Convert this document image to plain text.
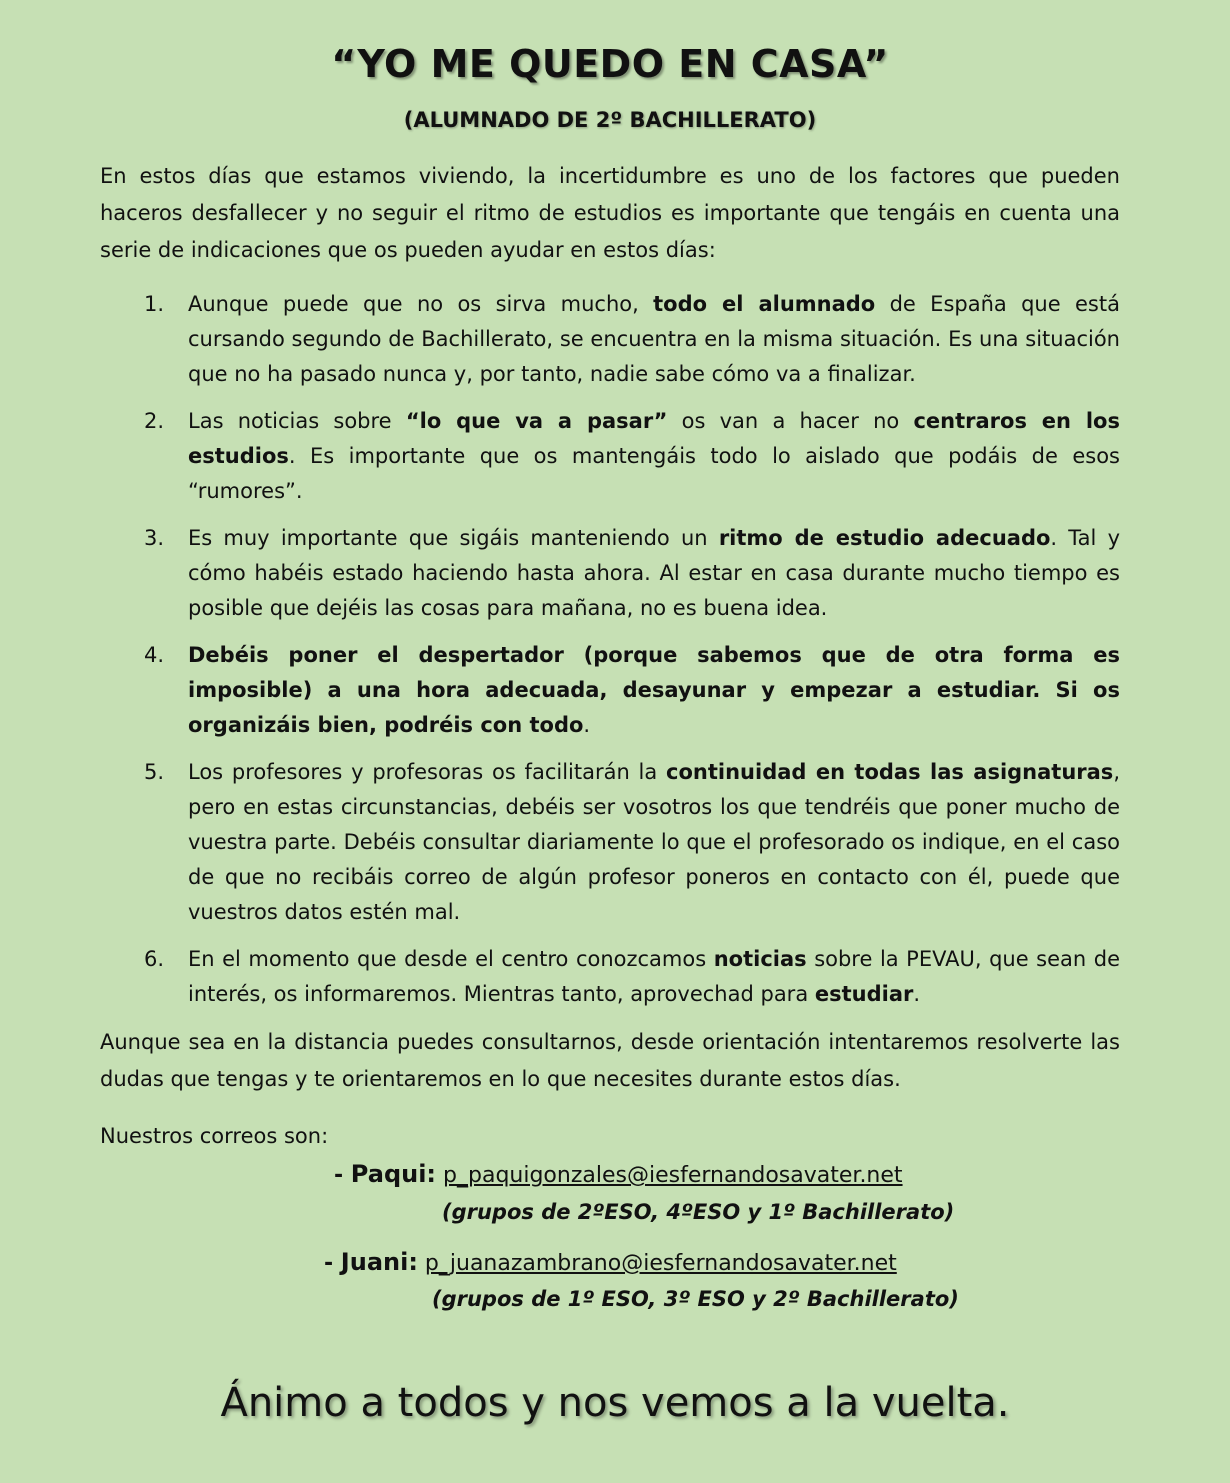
“YO ME QUEDO EN CASA”
(ALUMNADO DE 2º BACHILLERATO)

En estos días que estamos viviendo, la incertidumbre es uno de los factores que pueden haceros desfallecer y no seguir el ritmo de estudios es importante que tengáis en cuenta una serie de indicaciones que os pueden ayudar en estos días:

1. Aunque puede que no os sirva mucho, todo el alumnado de España que está cursando segundo de Bachillerato, se encuentra en la misma situación. Es una situación que no ha pasado nunca y, por tanto, nadie sabe cómo va a finalizar.
2. Las noticias sobre “lo que va a pasar” os van a hacer no centraros en los estudios. Es importante que os mantengáis todo lo aislado que podáis de esos “rumores”.
3. Es muy importante que sigáis manteniendo un ritmo de estudio adecuado. Tal y cómo habéis estado haciendo hasta ahora. Al estar en casa durante mucho tiempo es posible que dejéis las cosas para mañana, no es buena idea.
4. Debéis poner el despertador (porque sabemos que de otra forma es imposible) a una hora adecuada, desayunar y empezar a estudiar. Si os organizáis bien, podréis con todo.
5. Los profesores y profesoras os facilitarán la continuidad en todas las asignaturas, pero en estas circunstancias, debéis ser vosotros los que tendréis que poner mucho de vuestra parte. Debéis consultar diariamente lo que el profesorado os indique, en el caso de que no recibáis correo de algún profesor poneros en contacto con él, puede que vuestros datos estén mal.
6. En el momento que desde el centro conozcamos noticias sobre la PEVAU, que sean de interés, os informaremos. Mientras tanto, aprovechad para estudiar.

Aunque sea en la distancia puedes consultarnos, desde orientación intentaremos resolverte las dudas que tengas y te orientaremos en lo que necesites durante estos días.

Nuestros correos son:

- Paqui: p_paquigonzales@iesfernandosavater.net
(grupos de 2ºESO, 4ºESO y 1º Bachillerato)
- Juani: p_juanazambrano@iesfernandosavater.net
(grupos de 1º ESO, 3º ESO y 2º Bachillerato)
Ánimo a todos y nos vemos a la vuelta.
